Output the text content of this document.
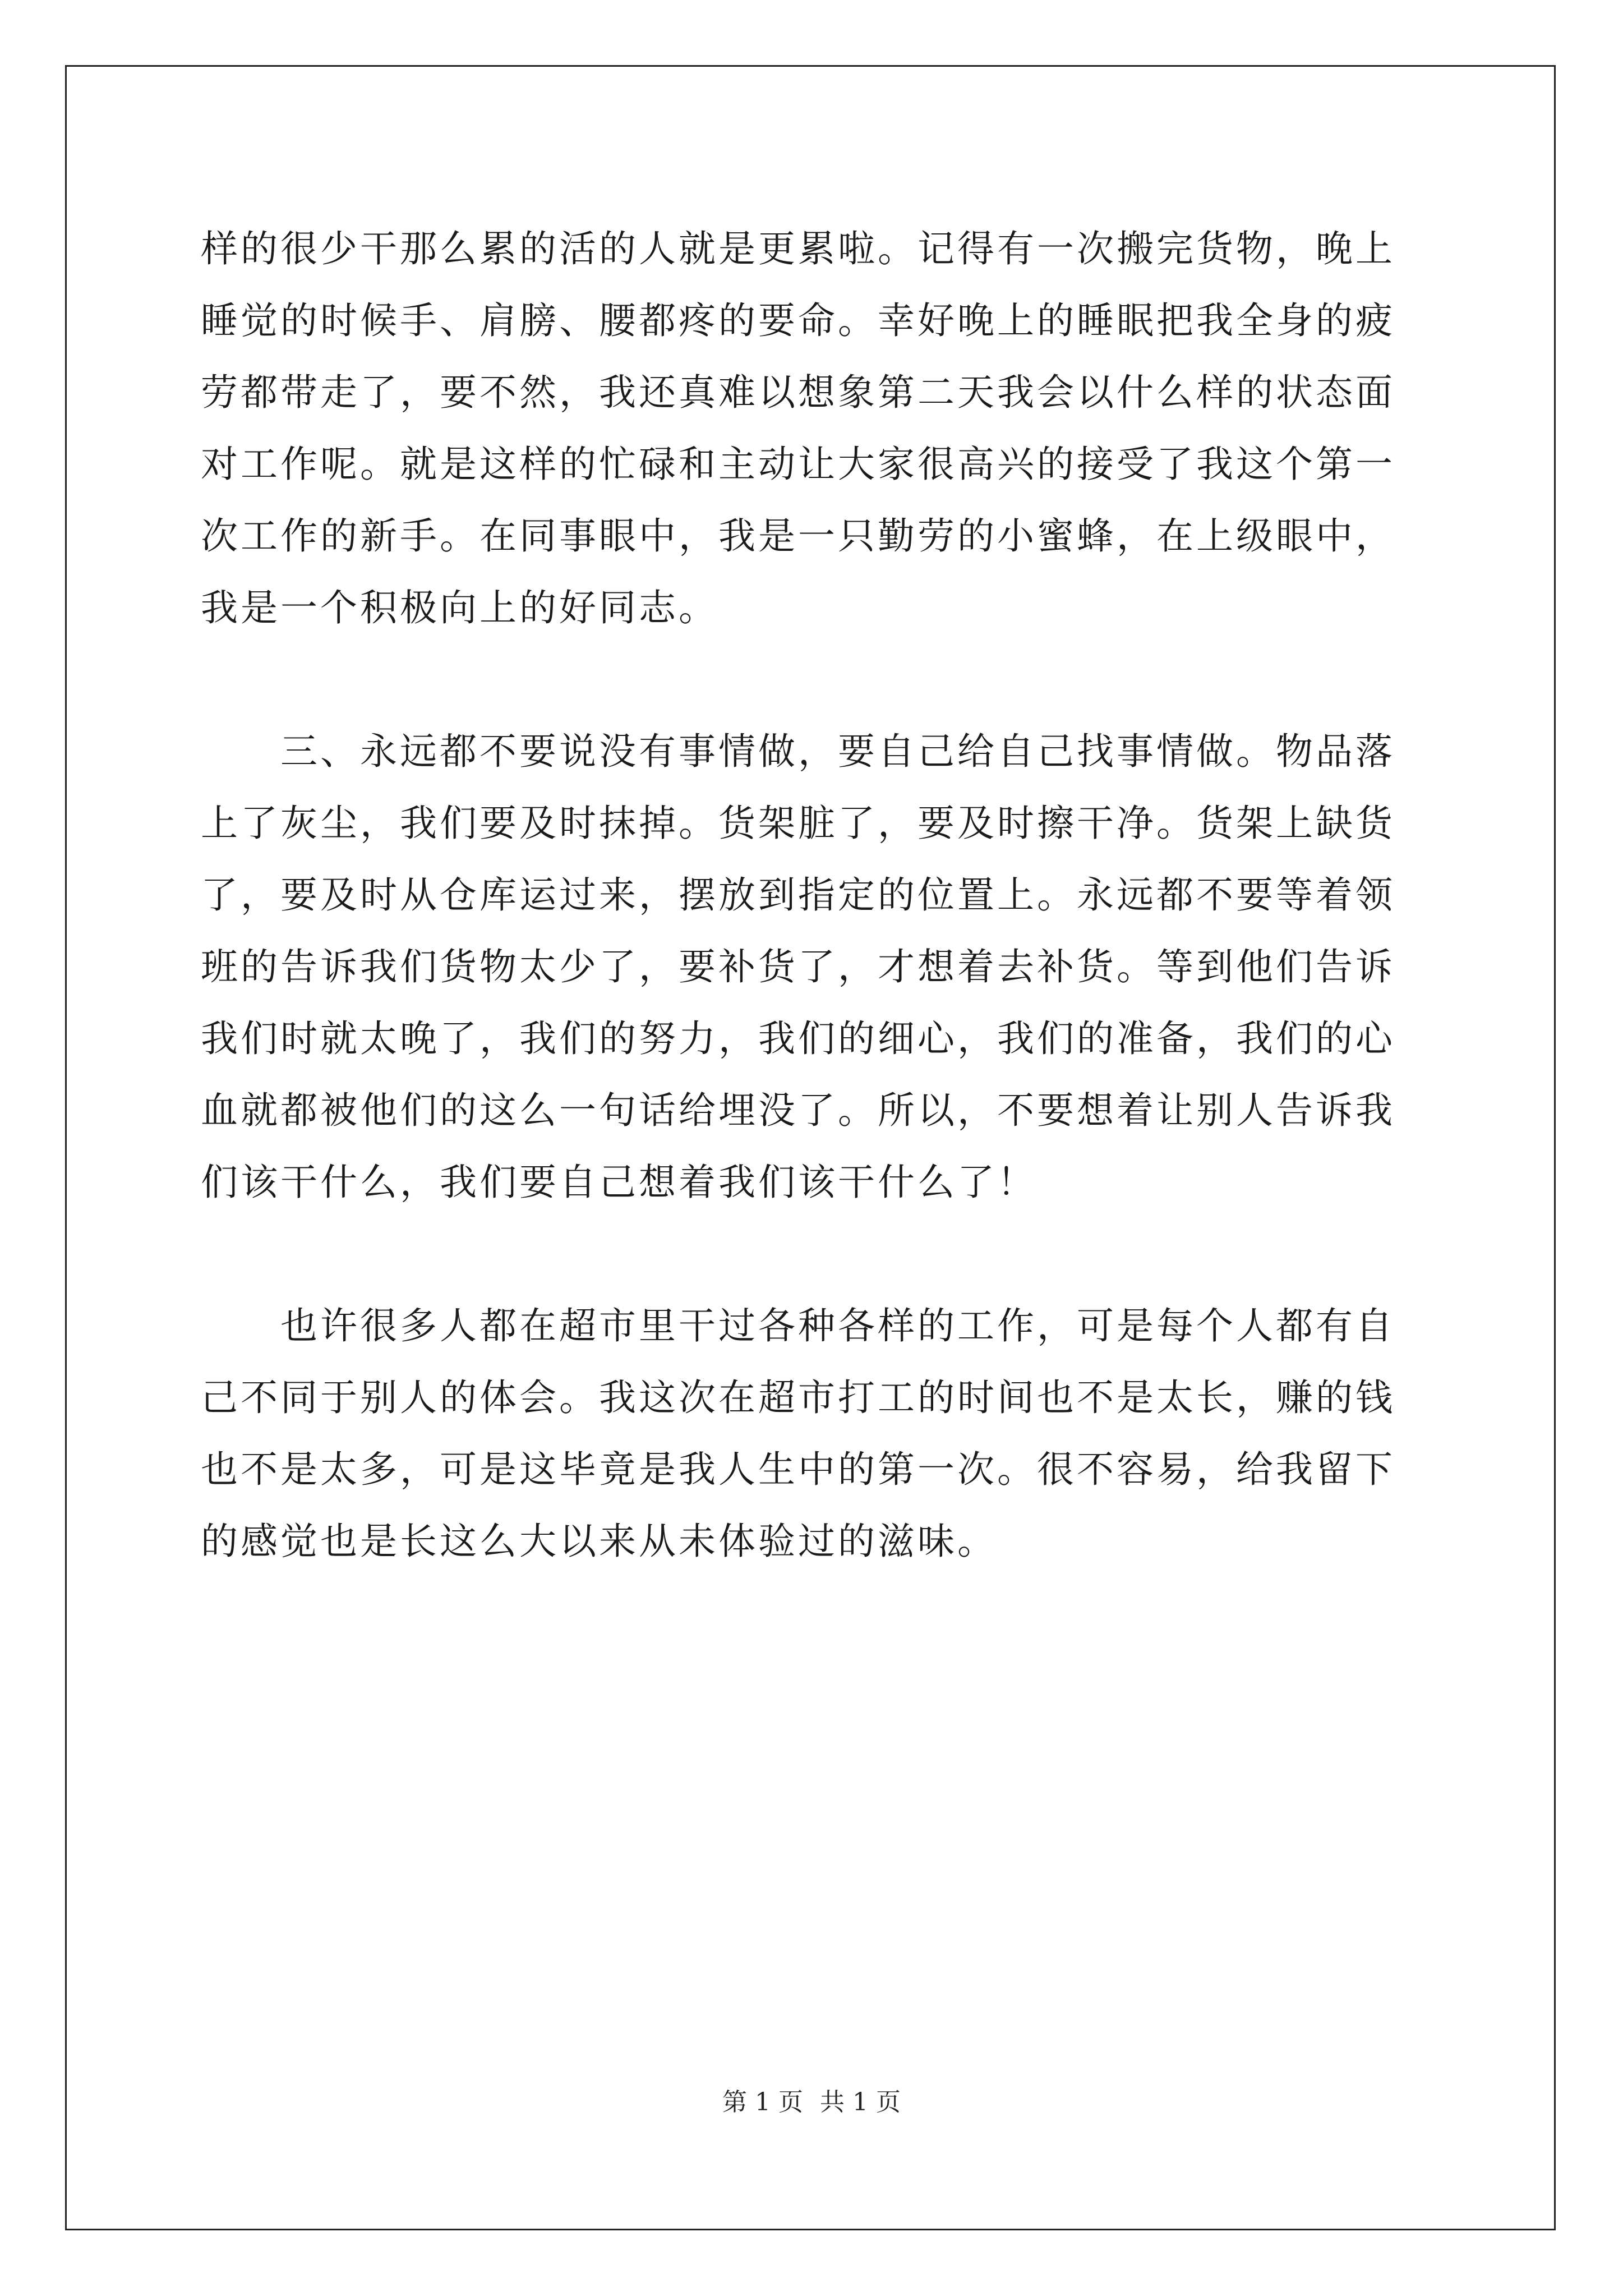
样的很少干那么累的活的人就是更累啦。记得有一次搬完货物，晚上
睡觉的时候手、肩膀、腰都疼的要命。幸好晚上的睡眠把我全身的疲
劳都带走了，要不然，我还真难以想象第二天我会以什么样的状态面
对工作呢。就是这样的忙碌和主动让大家很高兴的接受了我这个第一
次工作的新手。在同事眼中，我是一只勤劳的小蜜蜂，在上级眼中，
我是一个积极向上的好同志。
　　三、永远都不要说没有事情做，要自己给自己找事情做。物品落
上了灰尘，我们要及时抹掉。货架脏了，要及时擦干净。货架上缺货
了，要及时从仓库运过来，摆放到指定的位置上。永远都不要等着领
班的告诉我们货物太少了，要补货了，才想着去补货。等到他们告诉
我们时就太晚了，我们的努力，我们的细心，我们的准备，我们的心
血就都被他们的这么一句话给埋没了。所以，不要想着让别人告诉我
们该干什么，我们要自己想着我们该干什么了！
　　也许很多人都在超市里干过各种各样的工作，可是每个人都有自
己不同于别人的体会。我这次在超市打工的时间也不是太长，赚的钱
也不是太多，可是这毕竟是我人生中的第一次。很不容易，给我留下
的感觉也是长这么大以来从未体验过的滋味。
第 1 页 共 1 页
